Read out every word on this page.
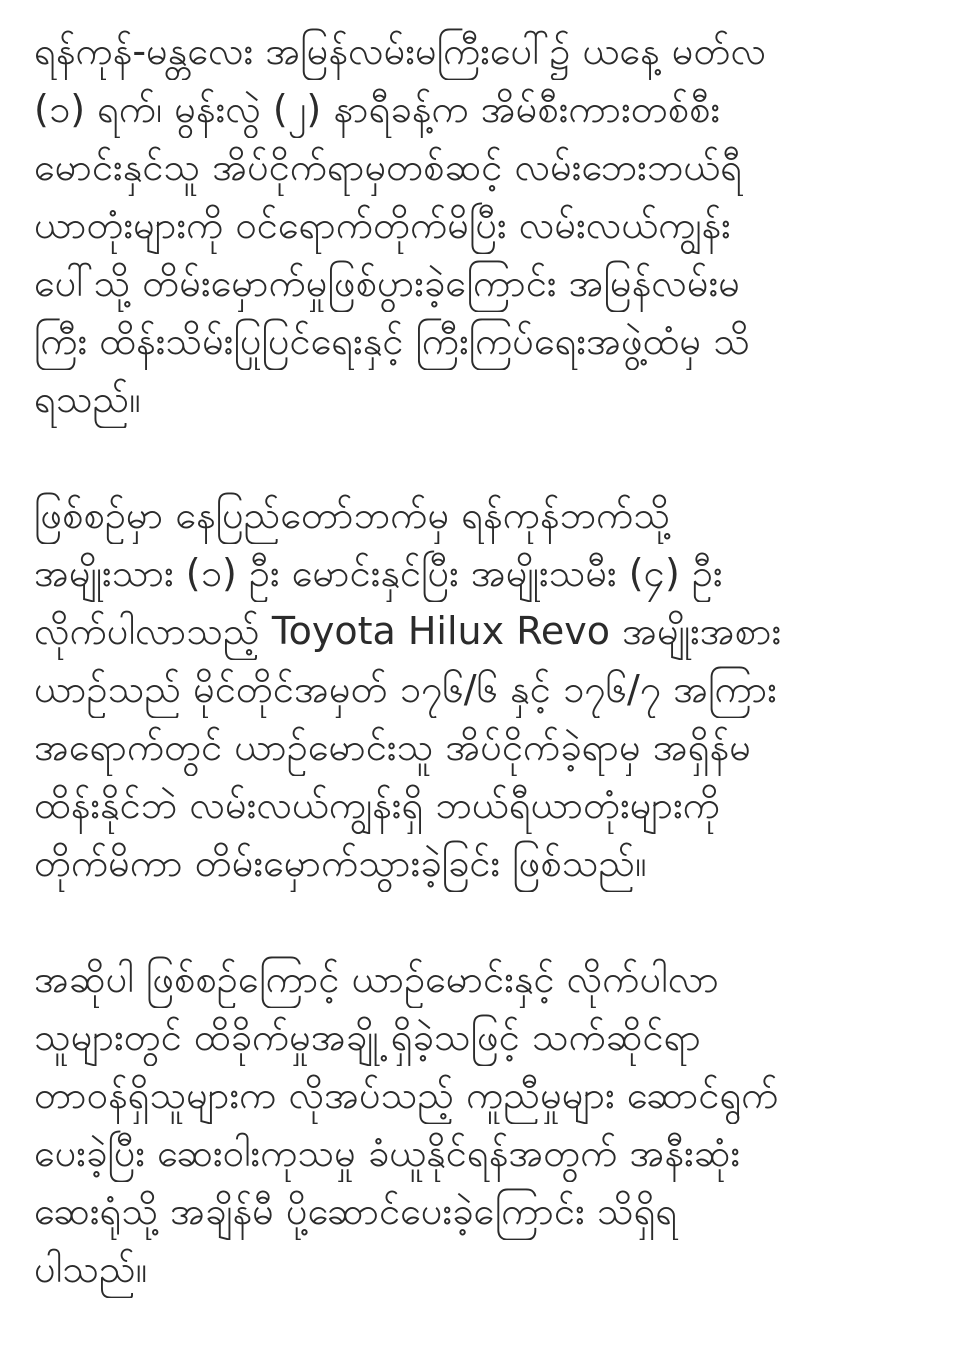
ရန်ကုန်-မန္တလေး အမြန်လမ်းမကြီးပေါ်၌ ယနေ့ မတ်လ
(၁) ရက်၊ မွန်းလွဲ (၂) နာရီခန့်က အိမ်စီးကားတစ်စီး
မောင်းနှင်သူ အိပ်ငိုက်ရာမှတစ်ဆင့် လမ်းဘေးဘယ်ရီ
ယာတုံးများကို ဝင်ရောက်တိုက်မိပြီး လမ်းလယ်ကျွန်း
ပေါ်သို့ တိမ်းမှောက်မှုဖြစ်ပွားခဲ့ကြောင်း အမြန်လမ်းမ
ကြီး ထိန်းသိမ်းပြုပြင်ရေးနှင့် ကြီးကြပ်ရေးအဖွဲ့ထံမှ သိ
ရသည်။
ဖြစ်စဉ်မှာ နေပြည်တော်ဘက်မှ ရန်ကုန်ဘက်သို့
အမျိုးသား (၁) ဦး မောင်းနှင်ပြီး အမျိုးသမီး (၄) ဦး
လိုက်ပါလာသည့် Toyota Hilux Revo အမျိုးအစား
ယာဉ်သည် မိုင်တိုင်အမှတ် ၁၇၆/၆ နှင့် ၁၇၆/၇ အကြား
အရောက်တွင် ယာဉ်မောင်းသူ အိပ်ငိုက်ခဲ့ရာမှ အရှိန်မ
ထိန်းနိုင်ဘဲ လမ်းလယ်ကျွန်းရှိ ဘယ်ရီယာတုံးများကို
တိုက်မိကာ တိမ်းမှောက်သွားခဲ့ခြင်း ဖြစ်သည်။
အဆိုပါ ဖြစ်စဉ်ကြောင့် ယာဉ်မောင်းနှင့် လိုက်ပါလာ
သူများတွင် ထိခိုက်မှုအချို့ ရှိခဲ့သဖြင့် သက်ဆိုင်ရာ
တာဝန်ရှိသူများက လိုအပ်သည့် ကူညီမှုများ ဆောင်ရွက်
ပေးခဲ့ပြီး ဆေးဝါးကုသမှု ခံယူနိုင်ရန်အတွက် အနီးဆုံး
ဆေးရုံသို့ အချိန်မီ ပို့ဆောင်ပေးခဲ့ကြောင်း သိရှိရ
ပါသည်။
